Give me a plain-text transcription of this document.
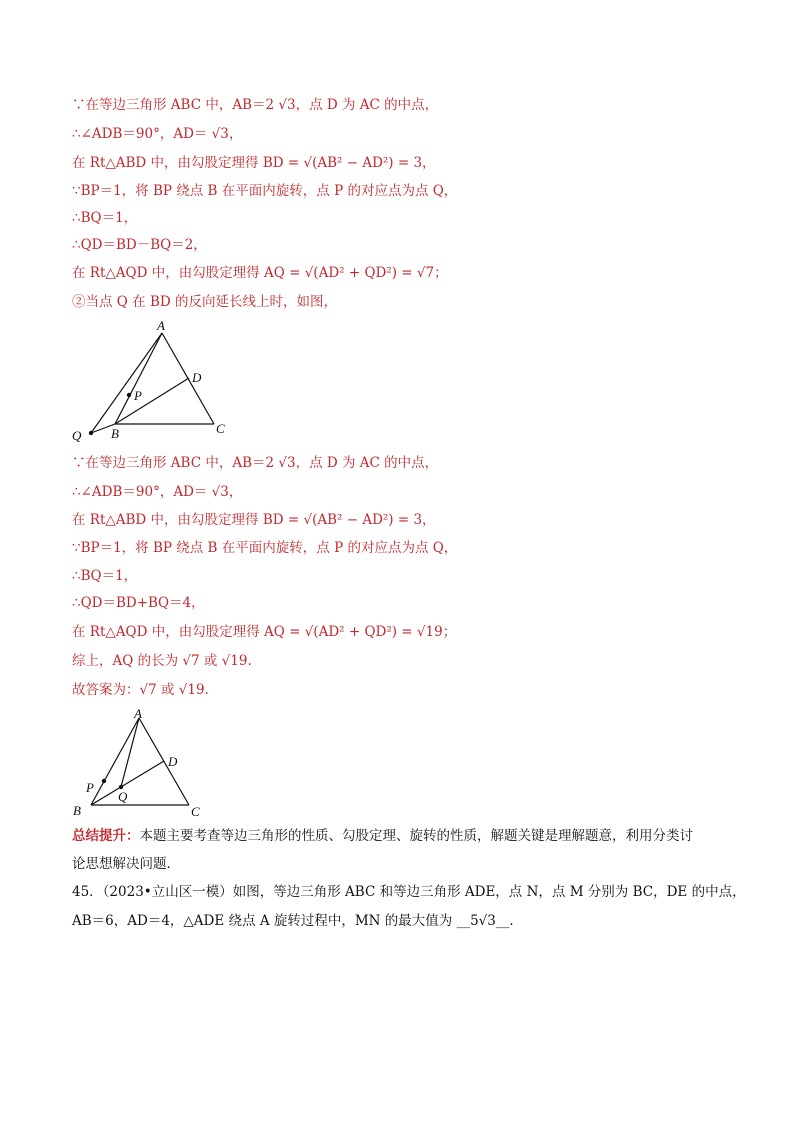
∵在等边三角形 ABC 中，AB＝2 √3，点 D 为 AC 的中点，
∴∠ADB＝90°，AD＝ √3，
在 Rt△ABD 中，由勾股定理得 BD = √(AB² − AD²) = 3，
∵BP＝1，将 BP 绕点 B 在平面内旋转，点 P 的对应点为点 Q，
∴BQ＝1，
∴QD＝BD－BQ＝2，
在 Rt△AQD 中，由勾股定理得 AQ = √(AD² + QD²) = √7；
②当点 Q 在 BD 的反向延长线上时，如图，
A
D
P
B	C
Q
∵在等边三角形 ABC 中，AB＝2 √3，点 D 为 AC 的中点，
∴∠ADB＝90°，AD＝ √3，
在 Rt△ABD 中，由勾股定理得 BD = √(AB² − AD²) = 3，
∵BP＝1，将 BP 绕点 B 在平面内旋转，点 P 的对应点为点 Q，
∴BQ＝1，
∴QD＝BD+BQ＝4，
在 Rt△AQD 中，由勾股定理得 AQ = √(AD² + QD²) = √19；
综上，AQ 的长为 √7 或 √19.
故答案为：√7 或 √19.
A
D
P
Q
B	C
总结提升：本题主要考查等边三角形的性质、勾股定理、旋转的性质，解题关键是理解题意，利用分类讨
论思想解决问题．
45．（2023•立山区一模）如图，等边三角形 ABC 和等边三角形 ADE，点 N，点 M 分别为 BC，DE 的中点，
AB＝6，AD＝4，△ADE 绕点 A 旋转过程中，MN 的最大值为 __5√3__．
